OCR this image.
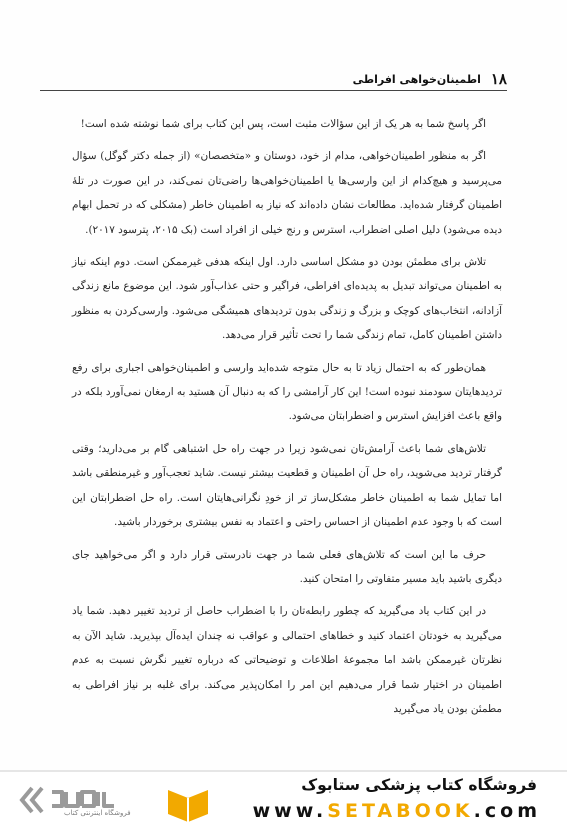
۱۸
اطمینان‌خواهی افراطی

اگر پاسخ شما به هر یک از این سؤالات مثبت است، پس این کتاب برای شما نوشته شده است!

اگر به منظور اطمینان‌خواهی، مدام از خود، دوستان و «متخصصان» (از جمله دکتر گوگل) سؤال می‌پرسید و هیچ‌کدام از این وارسی‌ها یا اطمینان‌خواهی‌ها راضی‌تان نمی‌کند، در این صورت در تلهٔ اطمینان گرفتار شده‌اید. مطالعات نشان داده‌اند که نیاز به اطمینان خاطر (مشکلی که در تحمل ابهام دیده می‌شود) دلیل اصلی اضطراب، استرس و رنج خیلی از افراد است (بک ۲۰۱۵، پترسود ۲۰۱۷).

تلاش برای مطمئن بودن دو مشکل اساسی دارد. اول اینکه هدفی غیرممکن است. دوم اینکه نیاز به اطمینان می‌تواند تبدیل به پدیده‌ای افراطی، فراگیر و حتی عذاب‌آور شود. این موضوع مانع زندگی آزادانه، انتخاب‌های کوچک و بزرگ و زندگی بدون تردیدهای همیشگی می‌شود. وارسی‌کردن به منظور داشتن اطمینان کامل، تمام زندگی شما را تحت تأثیر قرار می‌دهد.

همان‌طور که به احتمال زیاد تا به حال متوجه شده‌اید وارسی و اطمینان‌خواهی اجباری برای رفع تردیدهایتان سودمند نبوده است! این کار آرامشی را که به دنبال آن هستید به ارمغان نمی‌آورد بلکه در واقع باعث افزایش استرس و اضطرابتان می‌شود.

تلاش‌های شما باعث آرامش‌تان نمی‌شود زیرا در جهت راه حل اشتباهی گام بر می‌دارید؛ وقتی گرفتار تردید می‌شوید، راه حل آن اطمینان و قطعیت بیشتر نیست. شاید تعجب‌آور و غیرمنطقی باشد اما تمایل شما به اطمینان خاطر مشکل‌ساز تر از خودِ نگرانی‌هایتان است. راه حل اضطرابتان این است که با وجود عدم اطمینان از احساس راحتی و اعتماد به نفس بیشتری برخوردار باشید.

حرف ما این است که تلاش‌های فعلی شما در جهت نادرستی قرار دارد و اگر می‌خواهید جای دیگری باشید باید مسیر متفاوتی را امتحان کنید.

در این کتاب یاد می‌گیرید که چطور رابطه‌تان را با اضطراب حاصل از تردید تغییر دهید. شما یاد می‌گیرید به خودتان اعتماد کنید و خطاهای احتمالی و عواقب نه چندان ایده‌آل بپذیرید. شاید الآن به نظرتان غیرممکن باشد اما مجموعهٔ اطلاعات و توضیحاتی که درباره تغییر نگرش نسبت به عدم اطمینان در اختیار شما قرار می‌دهیم این امر را امکان‌پذیر می‌کند. برای غلبه بر نیاز افراطی به مطمئن بودن یاد می‌گیرید

فروشگاه اینترنتی کتاب
فروشگاه کتاب پزشکی ستابوک
www.SETABOOK.com
